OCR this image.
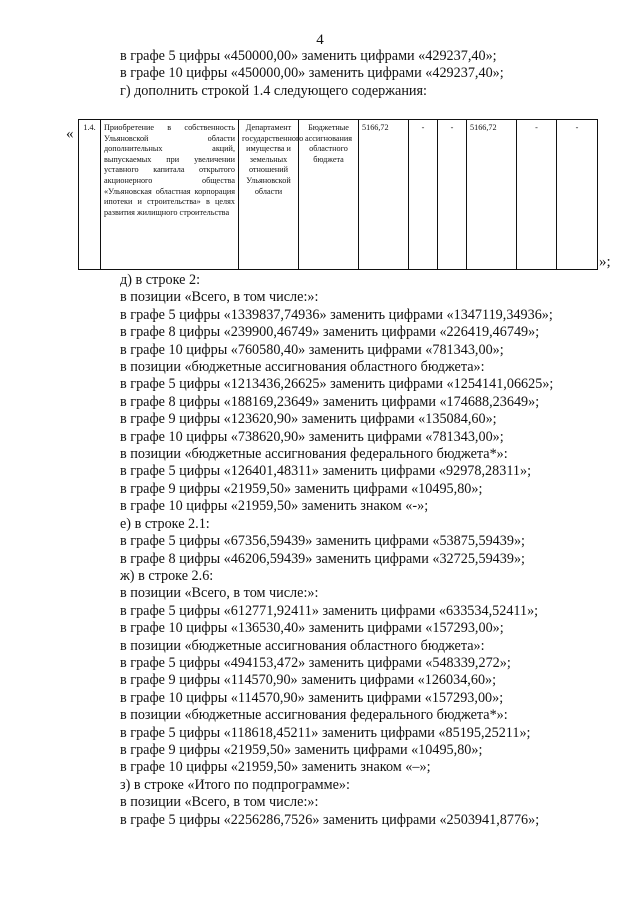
4
в графе 5 цифры «450000,00» заменить цифрами «429237,40»;
в графе 10 цифры «450000,00» заменить цифрами «429237,40»;
г) дополнить строкой 1.4 следующего содержания:
« 1.4.	Приобретение в собственность Ульяновской области дополнительных акций, выпускаемых при увеличении уставного капитала открытого акционерного общества «Ульяновская областная корпорация ипотеки и строительства» в целях развития жилищного строительства	Департамент государственного имущества и земельных отношений Ульяновской области	Бюджетные ассигнования областного бюджета	5166,72	-	-	5166,72	-	-
»;
д) в строке 2:
в позиции «Всего, в том числе:»:
в графе 5 цифры «1339837,74936» заменить цифрами «1347119,34936»;
в графе 8 цифры «239900,46749» заменить цифрами «226419,46749»;
в графе 10 цифры «760580,40» заменить цифрами «781343,00»;
в позиции «бюджетные ассигнования областного бюджета»:
в графе 5 цифры «1213436,26625» заменить цифрами «1254141,06625»;
в графе 8 цифры «188169,23649» заменить цифрами «174688,23649»;
в графе 9 цифры «123620,90» заменить цифрами «135084,60»;
в графе 10 цифры «738620,90» заменить цифрами «781343,00»;
в позиции «бюджетные ассигнования федерального бюджета*»:
в графе 5 цифры «126401,48311» заменить цифрами «92978,28311»;
в графе 9 цифры «21959,50» заменить цифрами «10495,80»;
в графе 10 цифры «21959,50» заменить знаком «-»;
е) в строке 2.1:
в графе 5 цифры «67356,59439» заменить цифрами «53875,59439»;
в графе 8 цифры «46206,59439» заменить цифрами «32725,59439»;
ж) в строке 2.6:
в позиции «Всего, в том числе:»:
в графе 5 цифры «612771,92411» заменить цифрами «633534,52411»;
в графе 10 цифры «136530,40» заменить цифрами «157293,00»;
в позиции «бюджетные ассигнования областного бюджета»:
в графе 5 цифры «494153,472» заменить цифрами «548339,272»;
в графе 9 цифры «114570,90» заменить цифрами «126034,60»;
в графе 10 цифры «114570,90» заменить цифрами «157293,00»;
в позиции «бюджетные ассигнования федерального бюджета*»:
в графе 5 цифры «118618,45211» заменить цифрами «85195,25211»;
в графе 9 цифры «21959,50» заменить цифрами «10495,80»;
в графе 10 цифры «21959,50» заменить знаком «–»;
з) в строке «Итого по подпрограмме»:
в позиции «Всего, в том числе:»:
в графе 5 цифры «2256286,7526» заменить цифрами «2503941,8776»;
